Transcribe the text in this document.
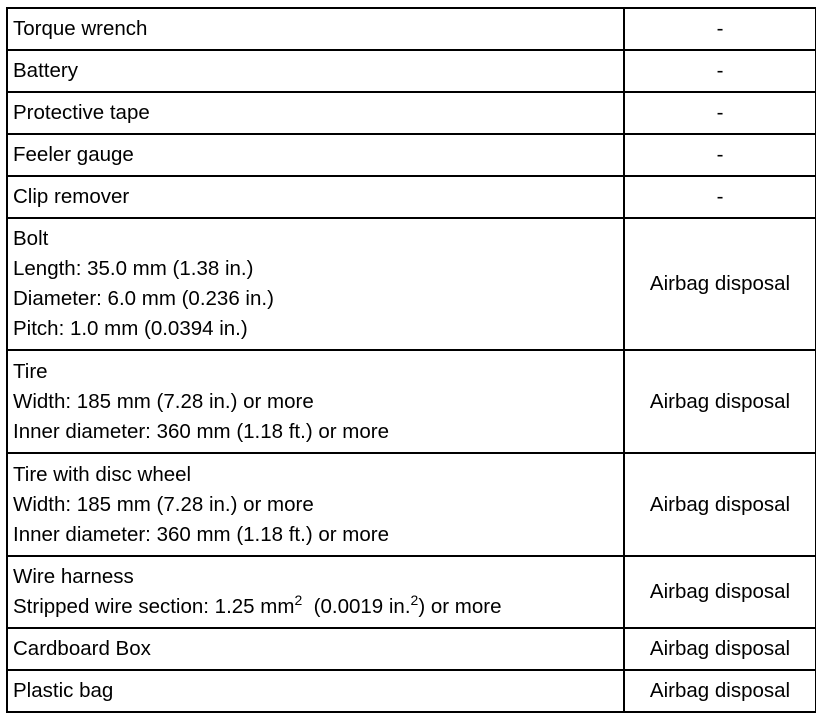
Torque wrench	-

Battery	-

Protective tape	-

Feeler gauge	-

Clip remover	-

Bolt
Length: 35.0 mm (1.38 in.)
Diameter: 6.0 mm (0.236 in.)
Pitch: 1.0 mm (0.0394 in.)	Airbag disposal

Tire
Width: 185 mm (7.28 in.) or more
Inner diameter: 360 mm (1.18 ft.) or more	Airbag disposal

Tire with disc wheel
Width: 185 mm (7.28 in.) or more
Inner diameter: 360 mm (1.18 ft.) or more	Airbag disposal

Wire harness
Stripped wire section: 1.25 $mm^2$ (0.0019 in.$^2$) or more	Airbag disposal

Cardboard Box	Airbag disposal

Plastic bag	Airbag disposal
